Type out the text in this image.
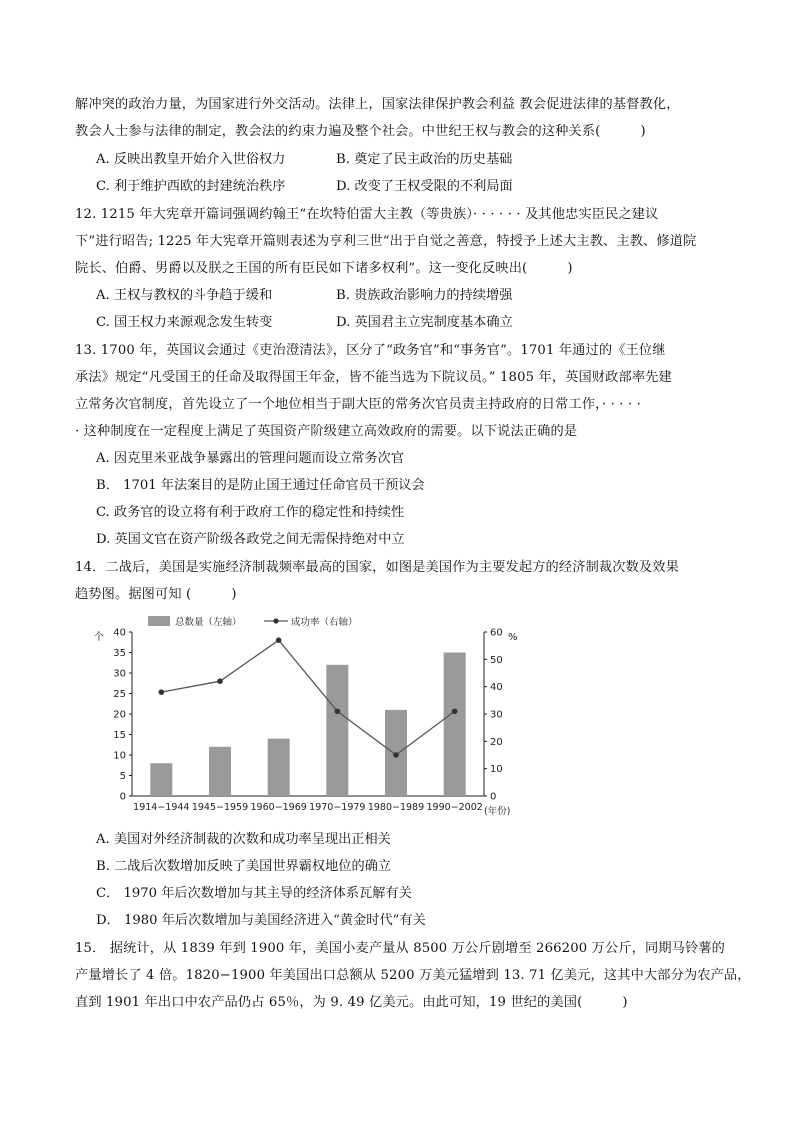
解冲突的政治力量，为国家进行外交活动。法律上，国家法律保护教会利益 教会促进法律的基督教化，
教会人士参与法律的制定，教会法的约束力遍及整个社会。中世纪王权与教会的这种关系(　　　)
A. 反映出教皇开始介入世俗权力	B. 奠定了民主政治的历史基础
C. 利于维护西欧的封建统治秩序	D. 改变了王权受限的不利局面
12. 1215 年大宪章开篇词强调约翰王“在坎特伯雷大主教（等贵族）· · · · · · 及其他忠实臣民之建议
下”进行昭告; 1225 年大宪章开篇则表述为亨利三世“出于自觉之善意，特授予上述大主教、主教、修道院
院长、伯爵、男爵以及朕之王国的所有臣民如下诸多权利”。这一变化反映出(　　　)
A. 王权与教权的斗争趋于缓和	B. 贵族政治影响力的持续增强
C. 国王权力来源观念发生转变	D. 英国君主立宪制度基本确立
13. 1700 年，英国议会通过《吏治澄清法》，区分了“政务官”和“事务官”。1701 年通过的《王位继
承法》规定“凡受国王的任命及取得国王年金，皆不能当选为下院议员。” 1805 年，英国财政部率先建
立常务次官制度，首先设立了一个地位相当于副大臣的常务次官员责主持政府的日常工作，· · · · ·
· 这种制度在一定程度上满足了英国资产阶级建立高效政府的需要。以下说法正确的是
A. 因克里米亚战争暴露出的管理问题而设立常务次官
B． 1701 年法案目的是防止国王通过任命官员干预议会
C. 政务官的设立将有利于政府工作的稳定性和持续性
D. 英国文官在资产阶级各政党之间无需保持绝对中立
14．二战后，美国是实施经济制裁频率最高的国家，如图是美国作为主要发起方的经济制裁次数及效果
趋势图。据图可知 (　　　)
总数量（左轴）	成功率（右轴）
个	%
(年份)
0
5
10
15
20
25
30
35
40
0
10
20
30
40
50
60
1914−1944 1945−1959 1960−1969 1970−1979 1980−1989 1990−2002
A. 美国对外经济制裁的次数和成功率呈现出正相关
B. 二战后次数增加反映了美国世界霸权地位的确立
C． 1970 年后次数增加与其主导的经济体系瓦解有关
D． 1980 年后次数增加与美国经济进入“黄金时代”有关
15． 据统计，从 1839 年到 1900 年，美国小麦产量从 8500 万公斤剧增至 266200 万公斤，同期马铃薯的
产量增长了 4 倍。1820−1900 年美国出口总额从 5200 万美元猛增到 13. 71 亿美元，这其中大部分为农产品，
直到 1901 年出口中农产品仍占 65％，为 9. 49 亿美元。由此可知，19 世纪的美国(　　　)
